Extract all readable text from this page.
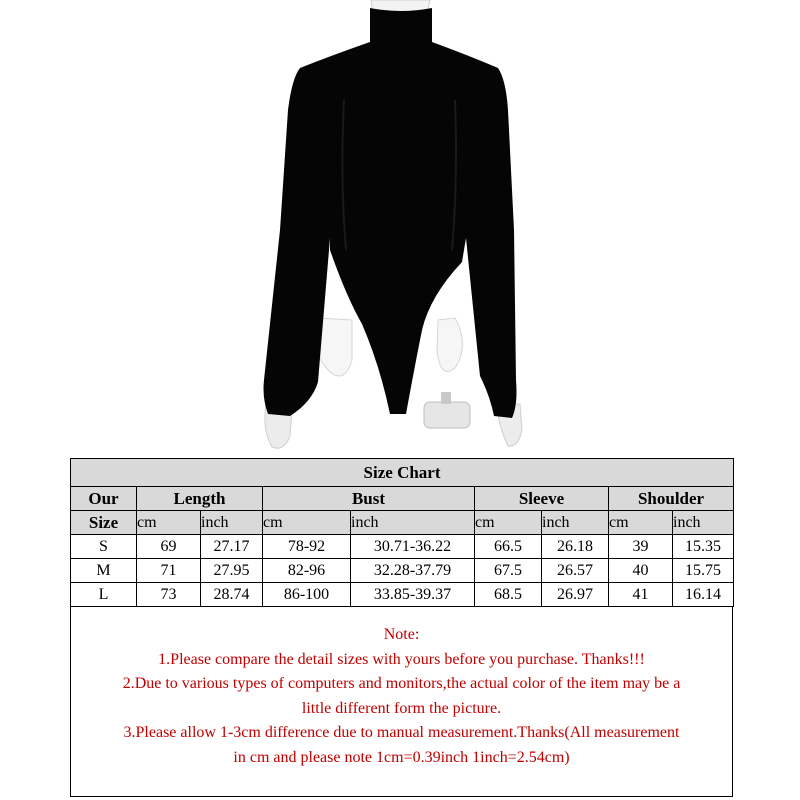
Size Chart								
Our	Length		Bust		Sleeve		Shoulder	
Size	cm	inch	cm	inch	cm	inch	cm	inch
S	69	27.17	78-92	30.71-36.22	66.5	26.18	39	15.35
M	71	27.95	82-96	32.28-37.79	67.5	26.57	40	15.75
L	73	28.74	86-100	33.85-39.37	68.5	26.97	41	16.14
Note:
1.Please compare the detail sizes with yours before you purchase. Thanks!!!
2.Due to various types of computers and monitors,the actual color of the item may be a
little different form the picture.
3.Please allow 1-3cm difference due to manual measurement.Thanks(All measurement
in cm and please note 1cm=0.39inch 1inch=2.54cm)
